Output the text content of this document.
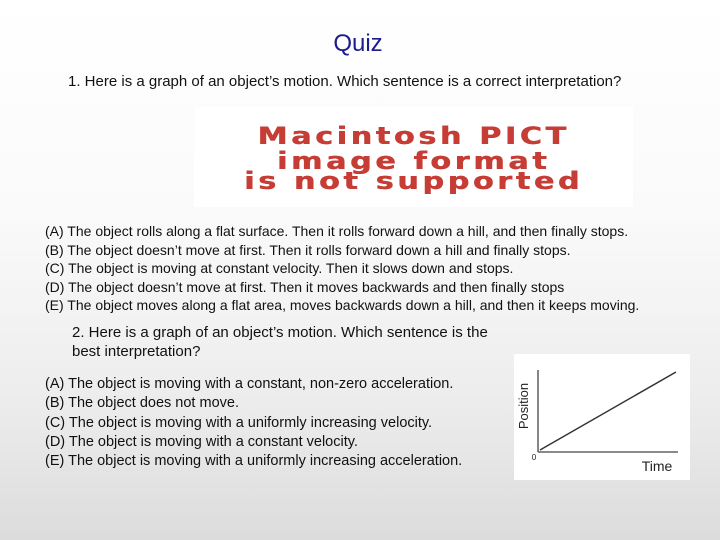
Quiz
1. Here is a graph of an object’s motion. Which sentence is a correct interpretation?
Macintosh PICT
image format
is not supported
(A) The object rolls along a flat surface. Then it rolls forward down a hill, and then finally stops.
(B) The object doesn’t move at first. Then it rolls forward down a hill and finally stops.
(C) The object is moving at constant velocity. Then it slows down and stops.
(D) The object doesn’t move at first. Then it moves backwards and then finally stops
(E) The object moves along a flat area, moves backwards down a hill, and then it keeps moving.
2. Here is a graph of an object’s motion. Which sentence is the best interpretation?
(A) The object is moving with a constant, non-zero acceleration.
(B) The object does not move.
(C) The object is moving with a uniformly increasing velocity.
(D) The object is moving with a constant velocity.
(E) The object is moving with a uniformly increasing acceleration.
Position
Time
0
